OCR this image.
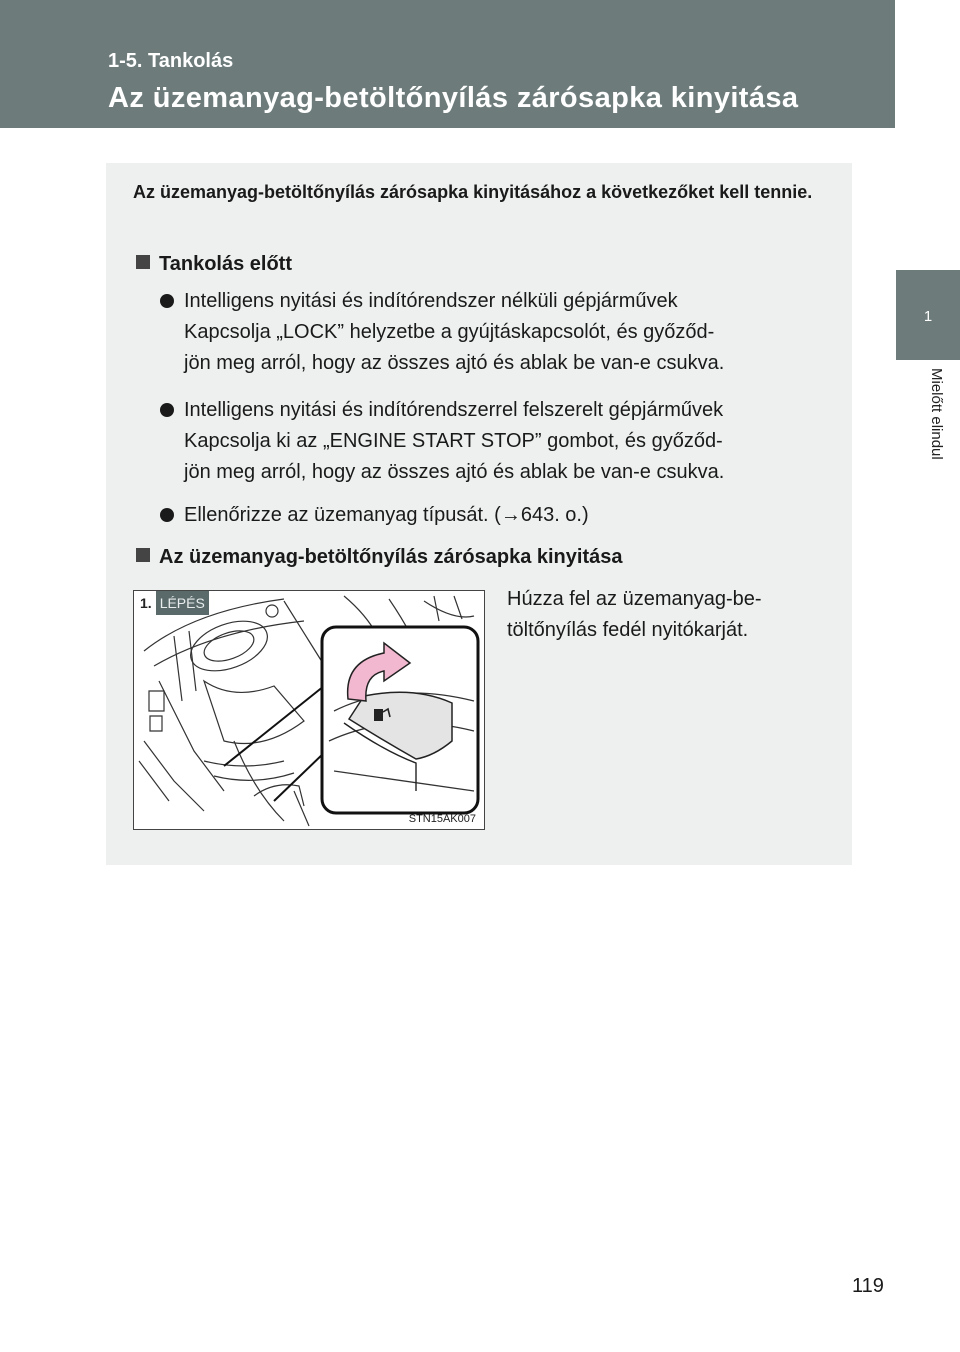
1-5. Tankolás
Az üzemanyag-betöltőnyílás zárósapka kinyitása
1
Mielőtt elindul
Az üzemanyag-betöltőnyílás zárósapka kinyitásához a következőket kell tennie.
Tankolás előtt
Intelligens nyitási és indítórendszer nélküli gépjárművek
Kapcsolja „LOCK” helyzetbe a gyújtáskapcsolót, és győződ-
jön meg arról, hogy az összes ajtó és ablak be van-e csukva.
Intelligens nyitási és indítórendszerrel felszerelt gépjárművek
Kapcsolja ki az „ENGINE START STOP” gombot, és győződ-
jön meg arról, hogy az összes ajtó és ablak be van-e csukva.
Ellenőrizze az üzemanyag típusát. (→643. o.)
Az üzemanyag-betöltőnyílás zárósapka kinyitása
1. LÉPÉS
STN15AK007
Húzza fel az üzemanyag-be-
töltőnyílás fedél nyitókarját.
119
